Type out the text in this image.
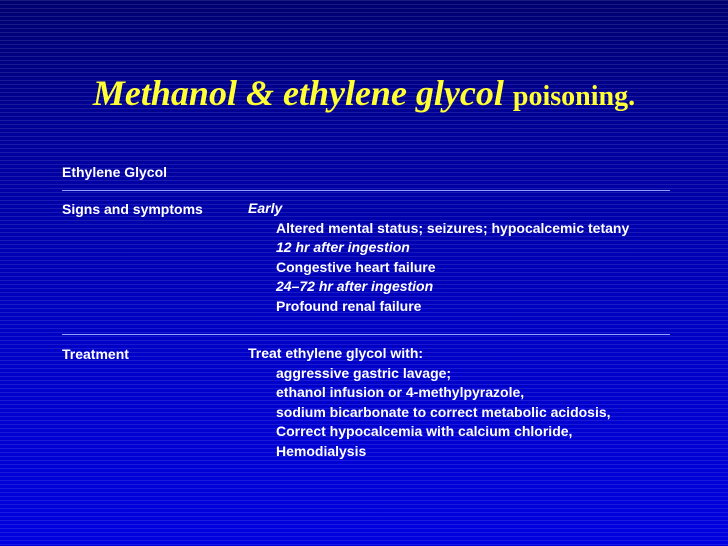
Methanol & ethylene glycol poisoning.
Ethylene Glycol
Signs and symptoms	Early
Altered mental status; seizures; hypocalcemic tetany
12 hr after ingestion
Congestive heart failure
24–72 hr after ingestion
Profound renal failure
Treatment	Treat ethylene glycol with:
aggressive gastric lavage;
ethanol infusion or 4-methylpyrazole,
sodium bicarbonate to correct metabolic acidosis,
Correct hypocalcemia with calcium chloride,
Hemodialysis
